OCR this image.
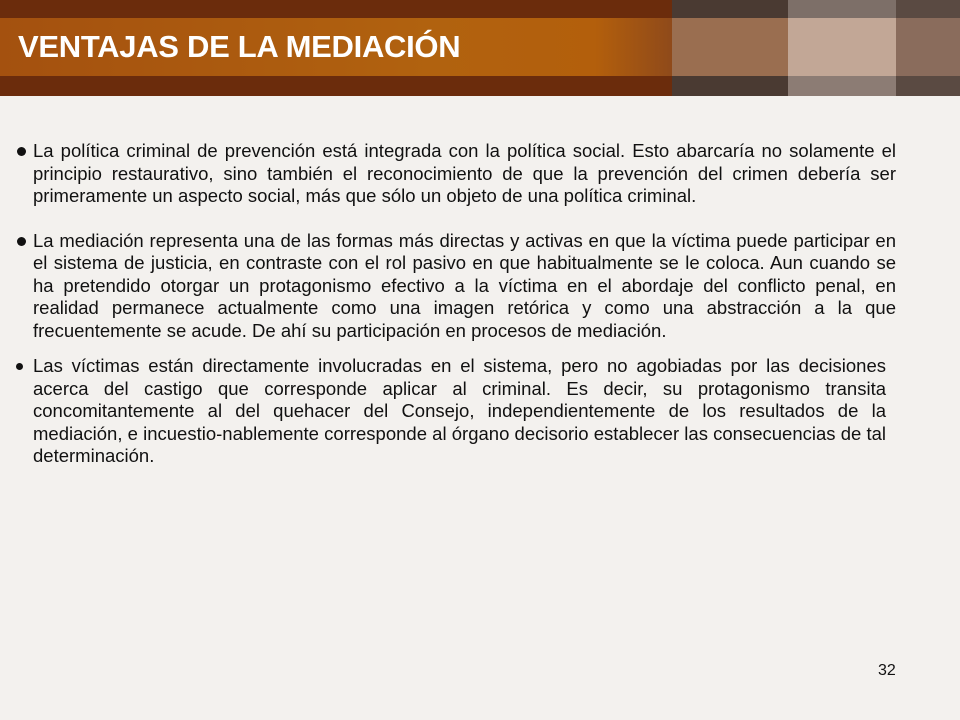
VENTAJAS DE LA MEDIACIÓN
La política criminal de prevención está integrada con la política social. Esto abarcaría no solamente el principio restaurativo, sino también el reconocimiento de que la prevención del crimen debería ser primeramente un aspecto social, más que sólo un objeto de una política criminal.
La mediación representa una de las formas más directas y activas en que la víctima puede participar en el sistema de justicia, en contraste con el rol pasivo en que habitualmente se le coloca. Aun cuando se ha pretendido otorgar un protagonismo efectivo a la víctima en el abordaje del conflicto penal, en realidad permanece actualmente como una imagen retórica y como una abstracción a la que frecuentemente se acude. De ahí su participación en procesos de mediación.
Las víctimas están directamente involucradas en el sistema, pero no agobiadas por las decisiones acerca del castigo que corresponde aplicar al criminal. Es decir, su protagonismo transita concomitantemente al del quehacer del Consejo, independientemente de los resultados de la mediación, e incuestio-nablemente corresponde al órgano decisorio establecer las consecuencias de tal determinación.
32
